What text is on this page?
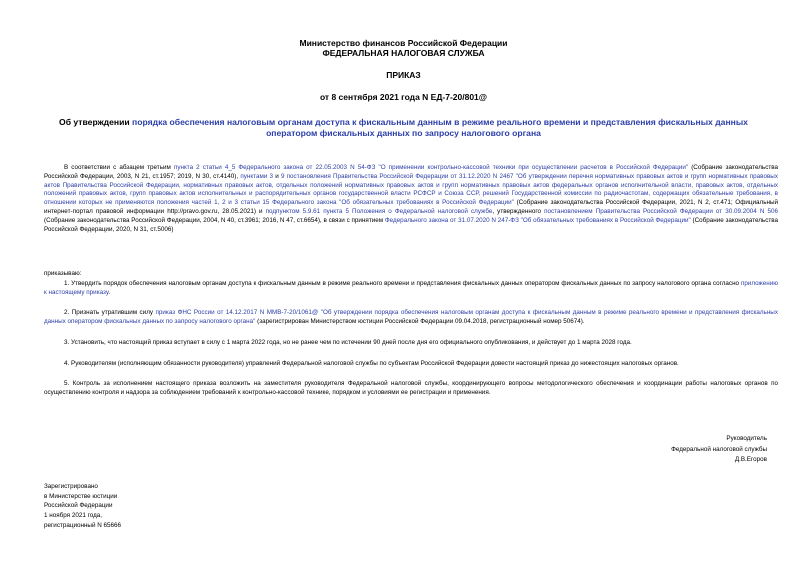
Министерство финансов Российской Федерации
ФЕДЕРАЛЬНАЯ НАЛОГОВАЯ СЛУЖБА
ПРИКАЗ
от 8 сентября 2021 года N ЕД-7-20/801@
Об утверждении порядка обеспечения налоговым органам доступа к фискальным данным в режиме реального времени и представления фискальных данных оператором фискальных данных по запросу налогового органа
В соответствии с абзацем третьим пункта 2 статьи 4_5 Федерального закона от 22.05.2003 N 54-ФЗ "О применении контрольно-кассовой техники при осуществлении расчетов в Российской Федерации" (Собрание законодательства Российской Федерации, 2003, N 21, ст.1957; 2019, N 30, ст.4140), пунктами 3 и 9 постановления Правительства Российской Федерации от 31.12.2020 N 2467 "Об утверждении перечня нормативных правовых актов и групп нормативных правовых актов Правительства Российской Федерации, нормативных правовых актов, отдельных положений нормативных правовых актов и групп нормативных правовых актов федеральных органов исполнительной власти, правовых актов, отдельных положений правовых актов, групп правовых актов исполнительных и распорядительных органов государственной власти РСФСР и Союза ССР, решений Государственной комиссии по радиочастотам, содержащих обязательные требования, в отношении которых не применяются положения частей 1, 2 и 3 статьи 15 Федерального закона "Об обязательных требованиях в Российской Федерации" (Собрание законодательства Российской Федерации, 2021, N 2, ст.471; Официальный интернет-портал правовой информации http://pravo.gov.ru, 28.05.2021) и подпунктом 5.9.61 пункта 5 Положения о Федеральной налоговой службе, утвержденного постановлением Правительства Российской Федерации от 30.09.2004 N 506 (Собрание законодательства Российской Федерации, 2004, N 40, ст.3961; 2016, N 47, ст.6654), в связи с принятием Федерального закона от 31.07.2020 N 247-ФЗ "Об обязательных требованиях в Российской Федерации" (Собрание законодательства Российской Федерации, 2020, N 31, ст.5006)
приказываю:
1. Утвердить порядок обеспечения налоговым органам доступа к фискальным данным в режиме реального времени и представления фискальных данных оператором фискальных данных по запросу налогового органа согласно приложению к настоящему приказу.
2. Признать утратившим силу приказ ФНС России от 14.12.2017 N ММВ-7-20/1061@ "Об утверждении порядка обеспечения налоговым органам доступа к фискальным данным в режиме реального времени и представления фискальных данных оператором фискальных данных по запросу налогового органа" (зарегистрирован Министерством юстиции Российской Федерации 09.04.2018, регистрационный номер 50674).
3. Установить, что настоящий приказ вступает в силу с 1 марта 2022 года, но не ранее чем по истечении 90 дней после дня его официального опубликования, и действует до 1 марта 2028 года.
4. Руководителям (исполняющим обязанности руководителя) управлений Федеральной налоговой службы по субъектам Российской Федерации довести настоящий приказ до нижестоящих налоговых органов.
5. Контроль за исполнением настоящего приказа возложить на заместителя руководителя Федеральной налоговой службы, координирующего вопросы методологического обеспечения и координации работы налоговых органов по осуществлению контроля и надзора за соблюдением требований к контрольно-кассовой технике, порядком и условиями ее регистрации и применения.
Руководитель
Федеральной налоговой службы
Д.В.Егоров
Зарегистрировано
в Министерстве юстиции
Российской Федерации
1 ноября 2021 года,
регистрационный N 65666
